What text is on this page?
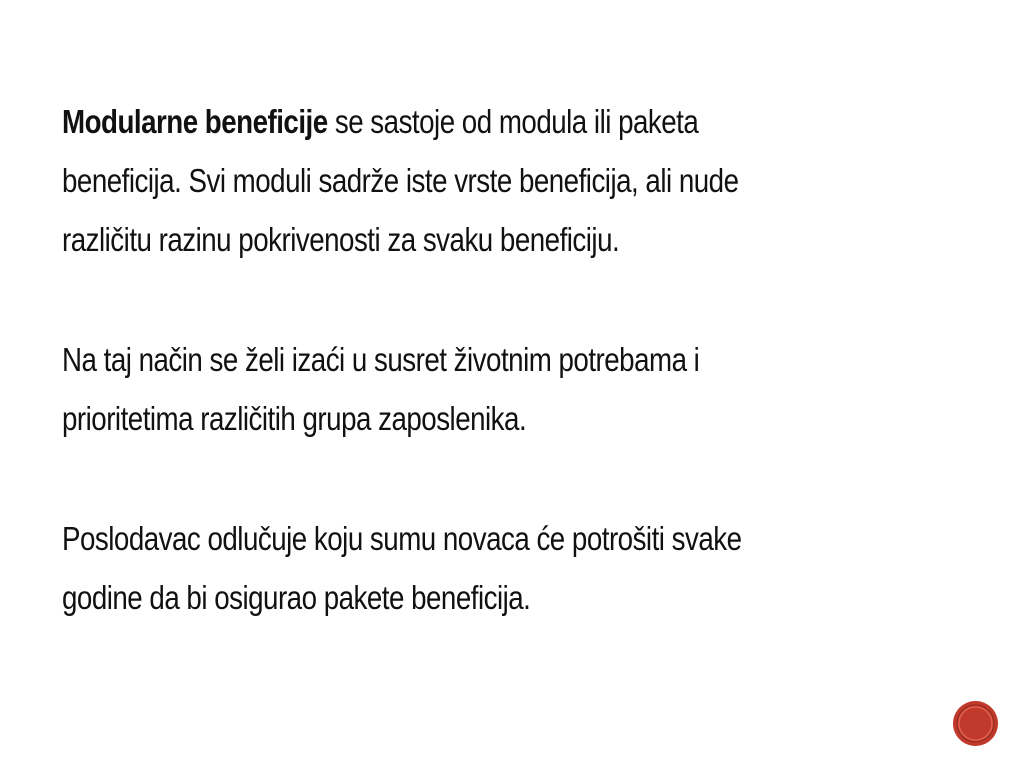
Modularne beneficije se sastoje od modula ili paketa
beneficija. Svi moduli sadrže iste vrste beneficija, ali nude
različitu razinu pokrivenosti za svaku beneficiju.

Na taj način se želi izaći u susret životnim potrebama i
prioritetima različitih grupa zaposlenika.

Poslodavac odlučuje koju sumu novaca će potrošiti svake
godine da bi osigurao pakete beneficija.
